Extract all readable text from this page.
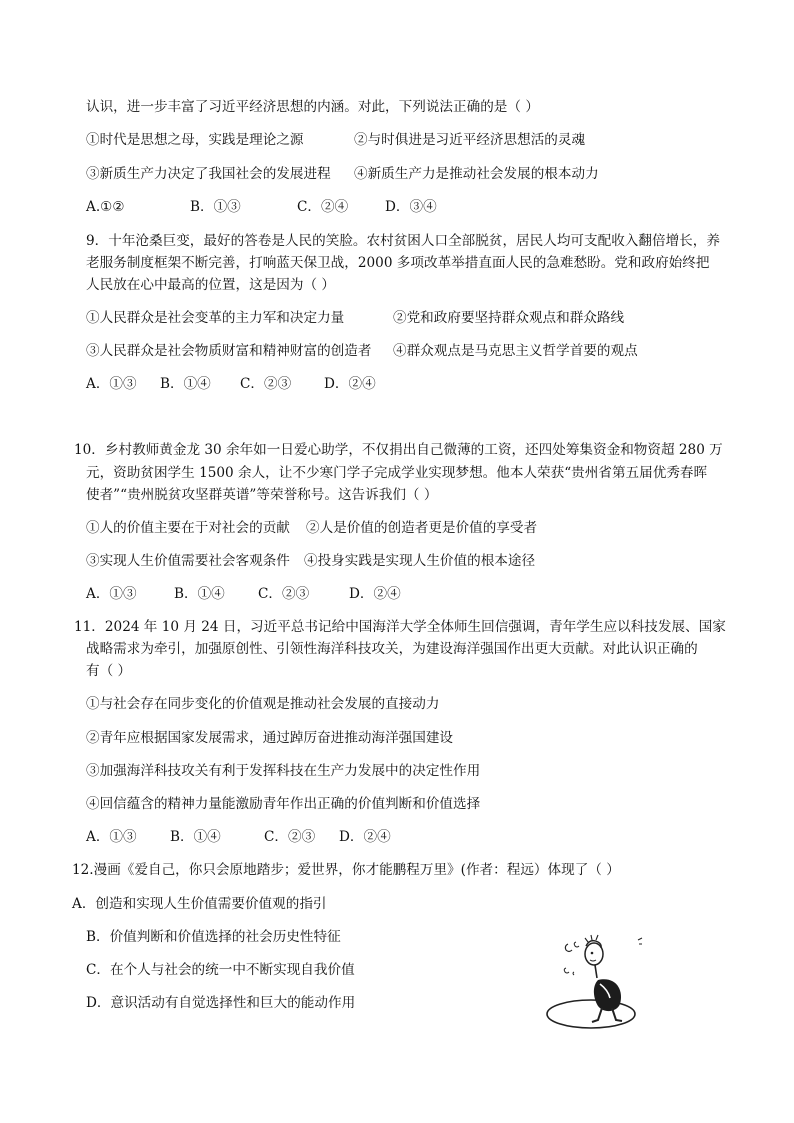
认识，进一步丰富了习近平经济思想的内涵。对此，下列说法正确的是（ ）
①时代是思想之母，实践是理论之源	②与时俱进是习近平经济思想活的灵魂
③新质生产力决定了我国社会的发展进程 ④新质生产力是推动社会发展的根本动力
A.①②	B．①③	C．②④	D．③④
9．十年沧桑巨变，最好的答卷是人民的笑脸。农村贫困人口全部脱贫，居民人均可支配收入翻倍增长，养
老服务制度框架不断完善，打响蓝天保卫战，2000 多项改革举措直面人民的急难愁盼。党和政府始终把
人民放在心中最高的位置，这是因为（ ）
①人民群众是社会变革的主力军和决定力量	②党和政府要坚持群众观点和群众路线
③人民群众是社会物质财富和精神财富的创造者 ④群众观点是马克思主义哲学首要的观点
A．①③ B．①④ C．②③ D．②④
10．乡村教师黄金龙 30 余年如一日爱心助学，不仅捐出自己微薄的工资，还四处筹集资金和物资超 280 万
元，资助贫困学生 1500 余人，让不少寒门学子完成学业实现梦想。他本人荣获“贵州省第五届优秀春晖
使者”“贵州脱贫攻坚群英谱”等荣誉称号。这告诉我们（ ）
①人的价值主要在于对社会的贡献 ②人是价值的创造者更是价值的享受者
③实现人生价值需要社会客观条件 ④投身实践是实现人生价值的根本途径
A．①③	B．①④ C．②③	D．②④
11．2024 年 10 月 24 日，习近平总书记给中国海洋大学全体师生回信强调，青年学生应以科技发展、国家
战略需求为牵引，加强原创性、引领性海洋科技攻关，为建设海洋强国作出更大贡献。对此认识正确的
有（ ）
①与社会存在同步变化的价值观是推动社会发展的直接动力
②青年应根据国家发展需求，通过踔厉奋进推动海洋强国建设
③加强海洋科技攻关有利于发挥科技在生产力发展中的决定性作用
④回信蕴含的精神力量能激励青年作出正确的价值判断和价值选择
A．①③ B．①④	C．②③ D．②④
12.漫画《爱自己，你只会原地踏步；爱世界，你才能鹏程万里》(作者：程远）体现了（ ）
A．创造和实现人生价值需要价值观的指引
B．价值判断和价值选择的社会历史性特征
C．在个人与社会的统一中不断实现自我价值
D．意识活动有自觉选择性和巨大的能动作用
